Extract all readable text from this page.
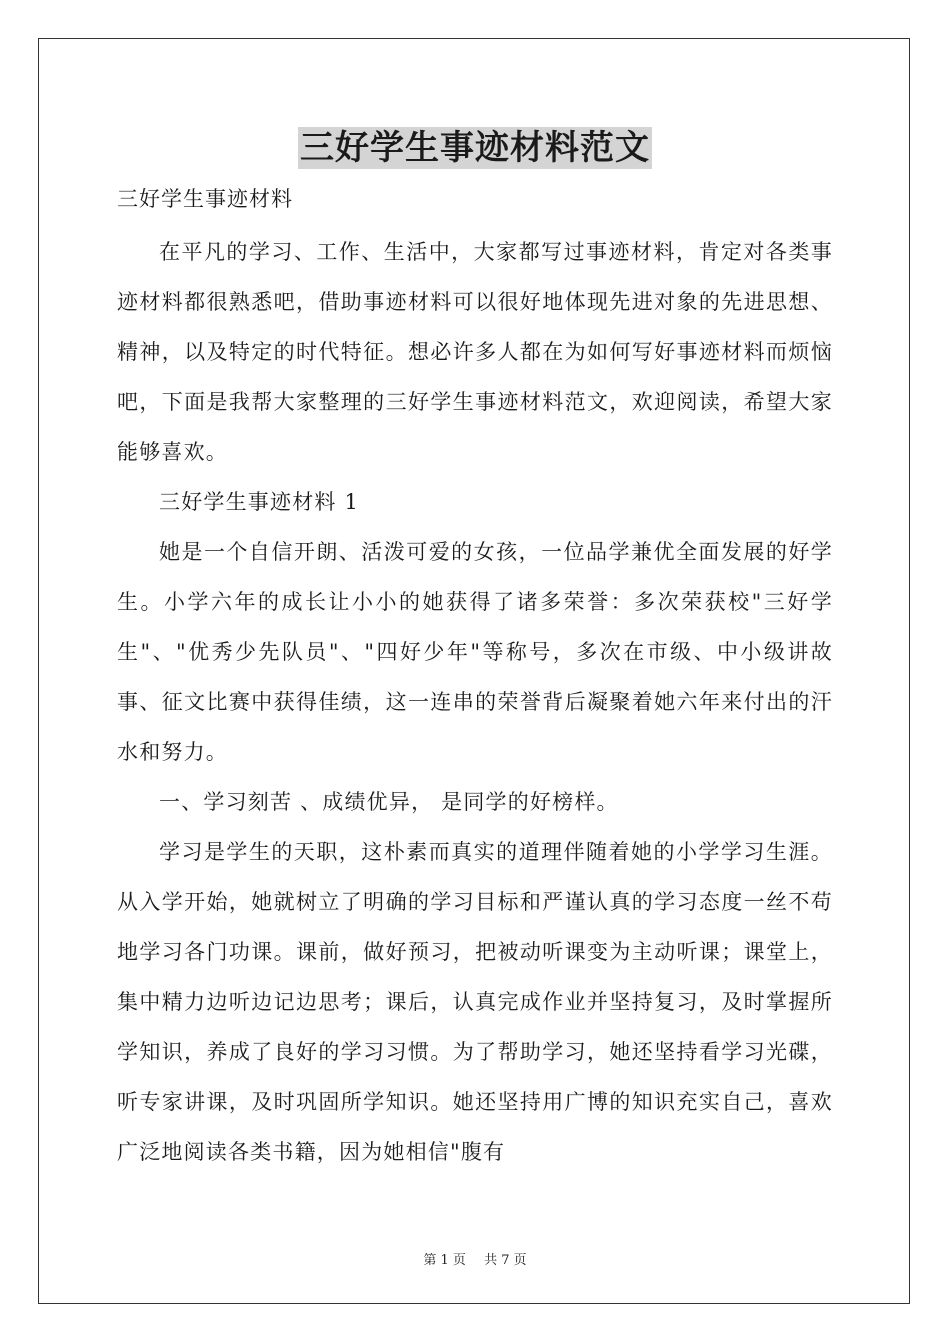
三好学生事迹材料范文

三好学生事迹材料

在平凡的学习、工作、生活中，大家都写过事迹材料，肯定对各类事迹材料都很熟悉吧，借助事迹材料可以很好地体现先进对象的先进思想、精神，以及特定的时代特征。想必许多人都在为如何写好事迹材料而烦恼吧，下面是我帮大家整理的三好学生事迹材料范文，欢迎阅读，希望大家能够喜欢。

三好学生事迹材料 1

她是一个自信开朗、活泼可爱的女孩，一位品学兼优全面发展的好学生。小学六年的成长让小小的她获得了诸多荣誉：多次荣获校"三好学生"、"优秀少先队员"、"四好少年"等称号，多次在市级、中小级讲故事、征文比赛中获得佳绩，这一连串的荣誉背后凝聚着她六年来付出的汗水和努力。

一、学习刻苦 、成绩优异， 是同学的好榜样。

学习是学生的天职，这朴素而真实的道理伴随着她的小学学习生涯。从入学开始，她就树立了明确的学习目标和严谨认真的学习态度一丝不苟地学习各门功课。课前，做好预习，把被动听课变为主动听课；课堂上，集中精力边听边记边思考；课后，认真完成作业并坚持复习，及时掌握所学知识，养成了良好的学习习惯。为了帮助学习，她还坚持看学习光碟，听专家讲课，及时巩固所学知识。她还坚持用广博的知识充实自己，喜欢广泛地阅读各类书籍，因为她相信"腹有

第 1 页 共 7 页
